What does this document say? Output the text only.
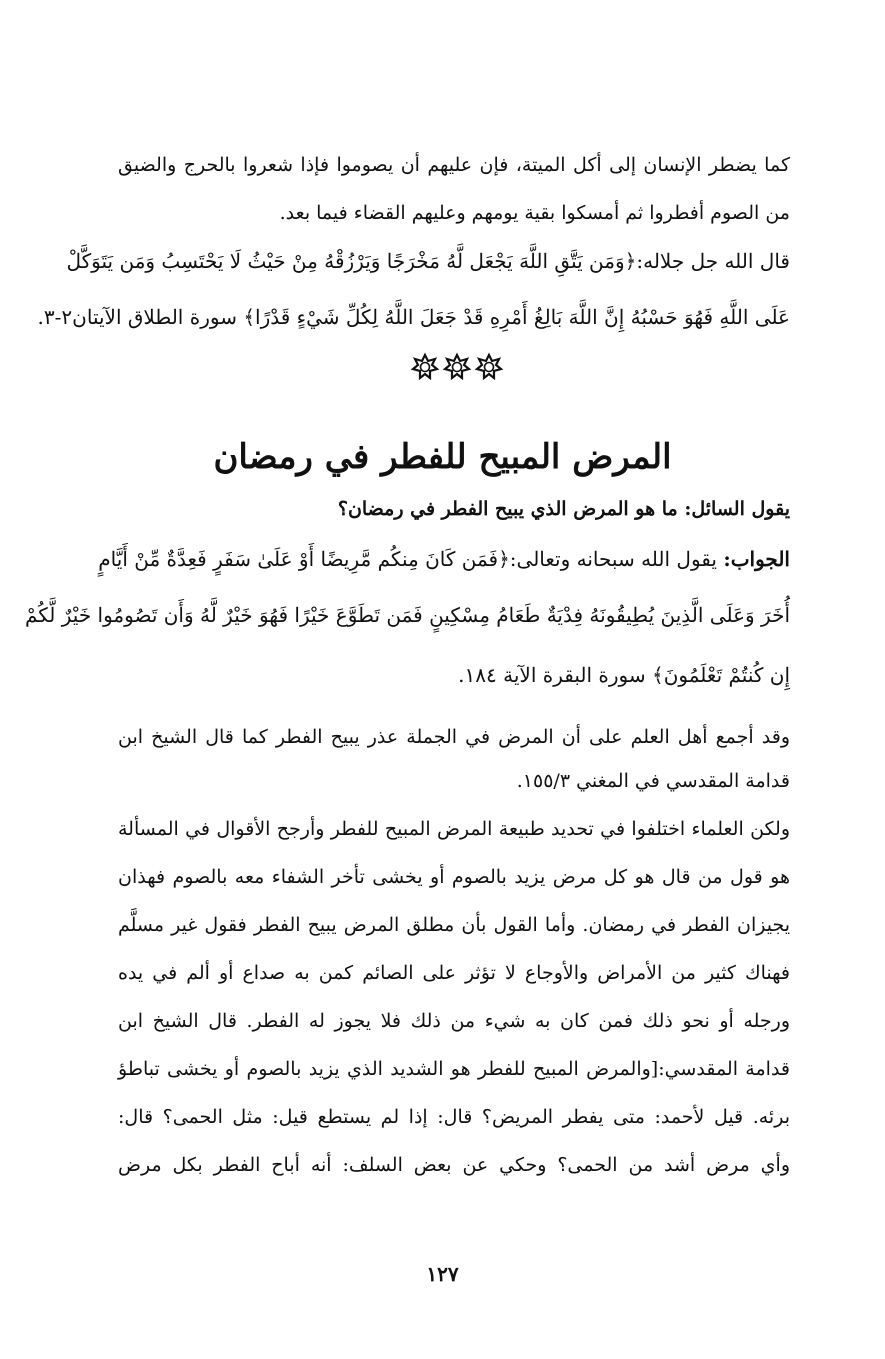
كما يضطر الإنسان إلى أكل الميتة، فإن عليهم أن يصوموا فإذا شعروا بالحرج والضيق
من الصوم أفطروا ثم أمسكوا بقية يومهم وعليهم القضاء فيما بعد.
قال الله جل جلاله:﴿وَمَن يَتَّقِ اللَّهَ يَجْعَل لَّهُ مَخْرَجًا وَيَرْزُقْهُ مِنْ حَيْثُ لَا يَحْتَسِبُ وَمَن يَتَوَكَّلْ
عَلَى اللَّهِ فَهُوَ حَسْبُهُ إِنَّ اللَّهَ بَالِغُ أَمْرِهِ قَدْ جَعَلَ اللَّهُ لِكُلِّ شَيْءٍ قَدْرًا﴾ سورة الطلاق الآيتان٢-٣.
المرض المبيح للفطر في رمضان
يقول السائل: ما هو المرض الذي يبيح الفطر في رمضان؟
الجواب: يقول الله سبحانه وتعالى:﴿فَمَن كَانَ مِنكُم مَّرِيضًا أَوْ عَلَىٰ سَفَرٍ فَعِدَّةٌ مِّنْ أَيَّامٍ
أُخَرَ وَعَلَى الَّذِينَ يُطِيقُونَهُ فِدْيَةٌ طَعَامُ مِسْكِينٍ فَمَن تَطَوَّعَ خَيْرًا فَهُوَ خَيْرٌ لَّهُ وَأَن تَصُومُوا خَيْرٌ لَّكُمْ
إِن كُنتُمْ تَعْلَمُونَ﴾ سورة البقرة الآية ١٨٤.
وقد أجمع أهل العلم على أن المرض في الجملة عذر يبيح الفطر كما قال الشيخ ابن
قدامة المقدسي في المغني ١٥٥/٣.
ولكن العلماء اختلفوا في تحديد طبيعة المرض المبيح للفطر وأرجح الأقوال في المسألة
هو قول من قال هو كل مرض يزيد بالصوم أو يخشى تأخر الشفاء معه بالصوم فهذان
يجيزان الفطر في رمضان. وأما القول بأن مطلق المرض يبيح الفطر فقول غير مسلَّم
فهناك كثير من الأمراض والأوجاع لا تؤثر على الصائم كمن به صداع أو ألم في يده
ورجله أو نحو ذلك فمن كان به شيء من ذلك فلا يجوز له الفطر. قال الشيخ ابن
قدامة المقدسي:[والمرض المبيح للفطر هو الشديد الذي يزيد بالصوم أو يخشى تباطؤ
برئه. قيل لأحمد: متى يفطر المريض؟ قال: إذا لم يستطع قيل: مثل الحمى؟ قال:
وأي مرض أشد من الحمى؟ وحكي عن بعض السلف: أنه أباح الفطر بكل مرض
١٢٧
